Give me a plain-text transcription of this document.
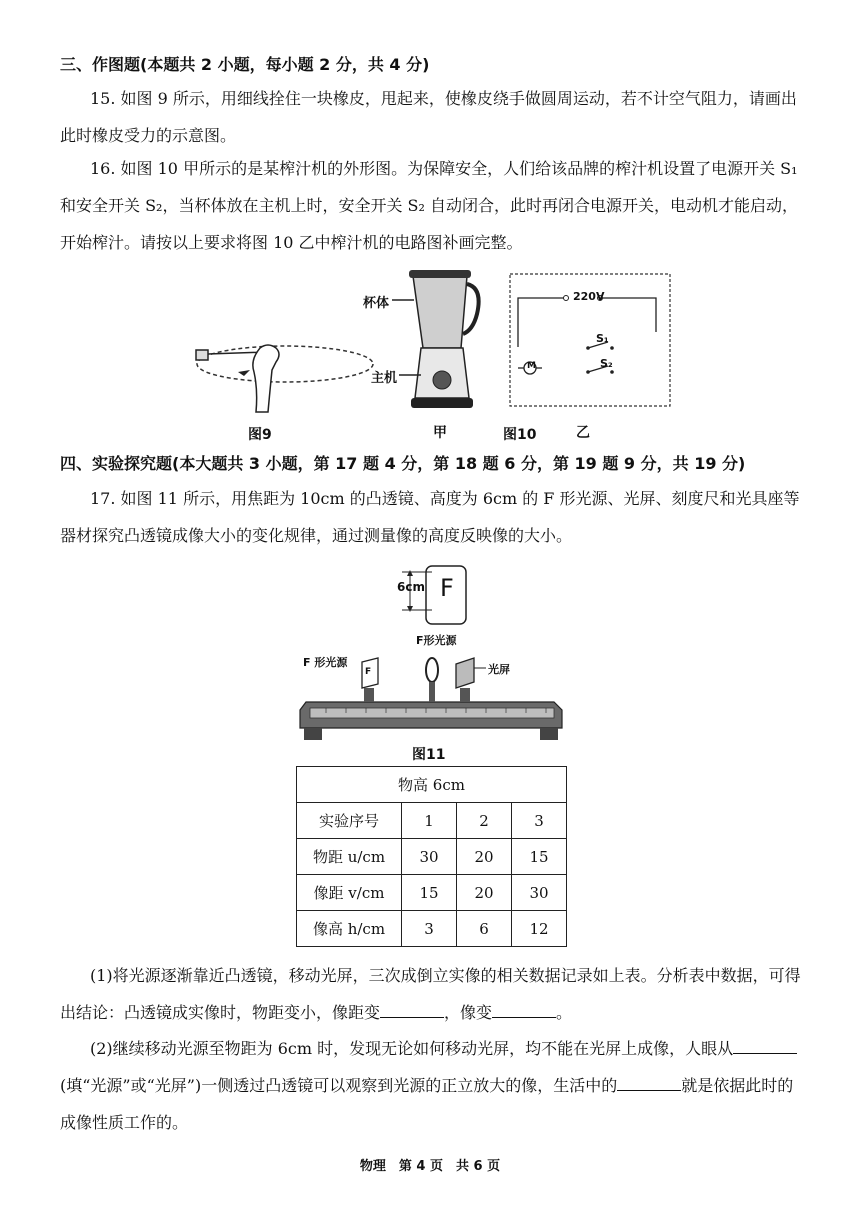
三、作图题(本题共 2 小题，每小题 2 分，共 4 分)

15. 如图 9 所示，用细线拴住一块橡皮，甩起来，使橡皮绕手做圆周运动，若不计空气阻力，请画出此时橡皮受力的示意图。

16. 如图 10 甲所示的是某榨汁机的外形图。为保障安全，人们给该品牌的榨汁机设置了电源开关 S₁ 和安全开关 S₂，当杯体放在主机上时，安全开关 S₂ 自动闭合，此时再闭合电源开关，电动机才能启动，开始榨汁。请按以上要求将图 10 乙中榨汁机的电路图补画完整。

图9
杯体
主机
甲
220V
M
S₁
S₂
图10	乙
四、实验探究题(本大题共 3 小题，第 17 题 4 分，第 18 题 6 分，第 19 题 9 分，共 19 分)

17. 如图 11 所示，用焦距为 10cm 的凸透镜、高度为 6cm 的 F 形光源、光屏、刻度尺和光具座等器材探究凸透镜成像大小的变化规律，通过测量像的高度反映像的大小。

6cm F
F形光源
F 形光源
F	光屏
图11
物高 6cm			
实验序号	1	2	3
物距 u/cm	30	20	15
像距 v/cm	15	20	30
像高 h/cm	3	6	12

(1)将光源逐渐靠近凸透镜，移动光屏，三次成倒立实像的相关数据记录如上表。分析表中数据，可得出结论：凸透镜成实像时，物距变小，像距变	，像变	。

(2)继续移动光源至物距为 6cm 时，发现无论如何移动光屏，均不能在光屏上成像，人眼从(填“光源”或“光屏”)一侧透过凸透镜可以观察到光源的正立放大的像，生活中的	就是依据此时的成像性质工作的。

物理　第 4 页　共 6 页
